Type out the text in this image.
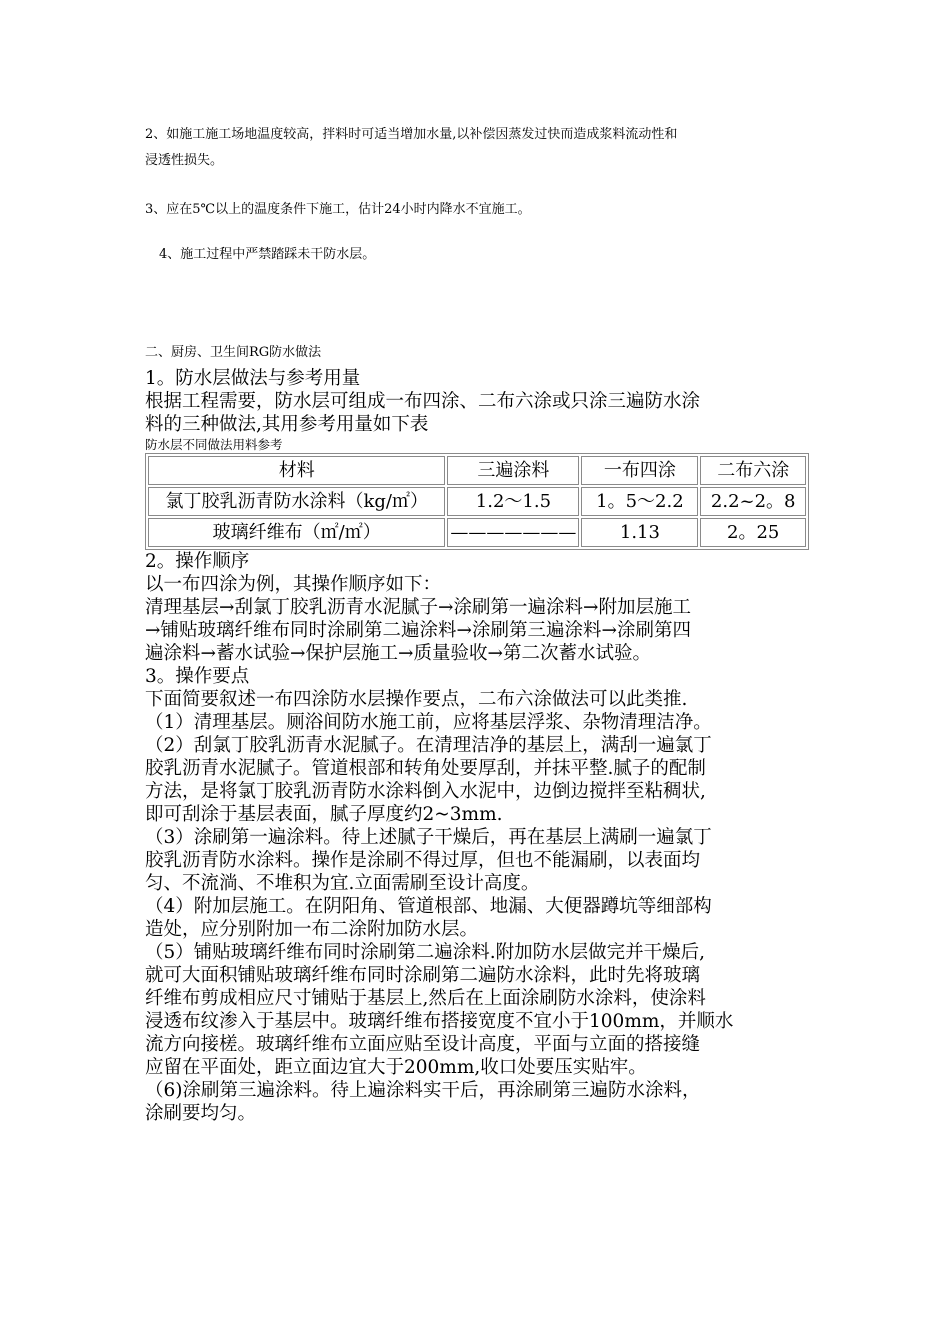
2、如施工施工场地温度较高，拌料时可适当增加水量,以补偿因蒸发过快而造成浆料流动性和
浸透性损失。
3、应在5℃以上的温度条件下施工，估计24小时内降水不宜施工。
4、施工过程中严禁踏踩未干防水层。
二、厨房、卫生间RG防水做法
1。防水层做法与参考用量
根据工程需要，防水层可组成一布四涂、二布六涂或只涂三遍防水涂
料的三种做法,其用参考用量如下表
防水层不同做法用料参考
材料	三遍涂料	一布四涂	二布六涂
氯丁胶乳沥青防水涂料（kg/㎡）	1.2～1.5	1。5～2.2	2.2~2。8
玻璃纤维布（㎡/㎡）	———————	1.13	2。25
2。操作顺序
以一布四涂为例，其操作顺序如下：
清理基层→刮氯丁胶乳沥青水泥腻子→涂刷第一遍涂料→附加层施工
→铺贴玻璃纤维布同时涂刷第二遍涂料→涂刷第三遍涂料→涂刷第四
遍涂料→蓄水试验→保护层施工→质量验收→第二次蓄水试验。
3。操作要点
下面简要叙述一布四涂防水层操作要点，二布六涂做法可以此类推.
（1）清理基层。厕浴间防水施工前，应将基层浮浆、杂物清理洁净。
（2）刮氯丁胶乳沥青水泥腻子。在清理洁净的基层上，满刮一遍氯丁
胶乳沥青水泥腻子。管道根部和转角处要厚刮，并抹平整.腻子的配制
方法，是将氯丁胶乳沥青防水涂料倒入水泥中，边倒边搅拌至粘稠状,
即可刮涂于基层表面，腻子厚度约2~3mm.
（3）涂刷第一遍涂料。待上述腻子干燥后，再在基层上满刷一遍氯丁
胶乳沥青防水涂料。操作是涂刷不得过厚，但也不能漏刷，以表面均
匀、不流淌、不堆积为宜.立面需刷至设计高度。
（4）附加层施工。在阴阳角、管道根部、地漏、大便器蹲坑等细部构
造处，应分别附加一布二涂附加防水层。
（5）铺贴玻璃纤维布同时涂刷第二遍涂料.附加防水层做完并干燥后,
就可大面积铺贴玻璃纤维布同时涂刷第二遍防水涂料，此时先将玻璃
纤维布剪成相应尺寸铺贴于基层上,然后在上面涂刷防水涂料，使涂料
浸透布纹渗入于基层中。玻璃纤维布搭接宽度不宜小于100mm，并顺水
流方向接槎。玻璃纤维布立面应贴至设计高度，平面与立面的搭接缝
应留在平面处，距立面边宜大于200mm,收口处要压实贴牢。
（6)涂刷第三遍涂料。待上遍涂料实干后，再涂刷第三遍防水涂料，
涂刷要均匀。
